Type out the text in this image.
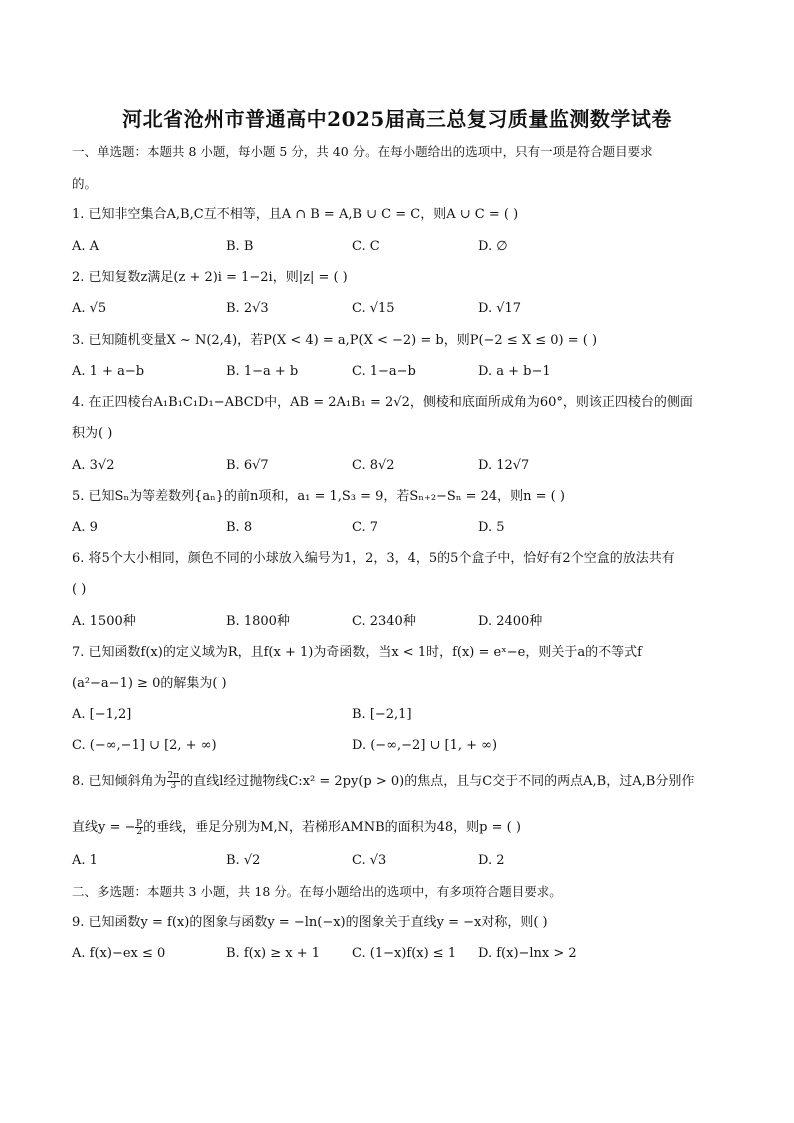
河北省沧州市普通高中2025届高三总复习质量监测数学试卷
一、单选题：本题共 8 小题，每小题 5 分，共 40 分。在每小题给出的选项中，只有一项是符合题目要求
的。
1. 已知非空集合A,B,C互不相等，且A ∩ B = A,B ∪ C = C，则A ∪ C = ( )
A. A	B. B	C. C	D. ∅
2. 已知复数z满足(z + 2)i = 1−2i，则|z| = ( )
A. √5	B. 2√3	C. √15	D. √17
3. 已知随机变量X ~ N(2,4)，若P(X < 4) = a,P(X < −2) = b，则P(−2 ≤ X ≤ 0) = ( )
A. 1 + a−b	B. 1−a + b	C. 1−a−b	D. a + b−1
4. 在正四棱台A₁B₁C₁D₁−ABCD中，AB = 2A₁B₁ = 2√2，侧棱和底面所成角为60°，则该正四棱台的侧面
积为( )
A. 3√2	B. 6√7	C. 8√2	D. 12√7
5. 已知Sₙ为等差数列{aₙ}的前n项和，a₁ = 1,S₃ = 9，若Sₙ₊₂−Sₙ = 24，则n = ( )
A. 9	B. 8	C. 7	D. 5
6. 将5个大小相同，颜色不同的小球放入编号为1，2，3，4，5的5个盒子中，恰好有2个空盒的放法共有
( )
A. 1500种	B. 1800种	C. 2340种	D. 2400种
7. 已知函数f(x)的定义域为R，且f(x + 1)为奇函数，当x < 1时，f(x) = eˣ−e，则关于a的不等式f
(a²−a−1) ≥ 0的解集为( )
A. [−1,2]	B. [−2,1]
C. (−∞,−1] ∪ [2, + ∞)	D. (−∞,−2] ∪ [1, + ∞)
8. 已知倾斜角为 $\frac{2\pi}{3}$ 的直线l经过抛物线C:x² = 2py(p > 0)的焦点，且与C交于不同的两点A,B，过A,B分别作
直线y = − $\frac{p}{2}$ 的垂线，垂足分别为M,N，若梯形AMNB的面积为48，则p = ( )
A. 1	B. √2	C. √3	D. 2
二、多选题：本题共 3 小题，共 18 分。在每小题给出的选项中，有多项符合题目要求。
9. 已知函数y = f(x)的图象与函数y = −ln(−x)的图象关于直线y = −x对称，则( )
A. f(x)−ex ≤ 0	B. f(x) ≥ x + 1 C. (1−x)f(x) ≤ 1 D. f(x)−lnx > 2
